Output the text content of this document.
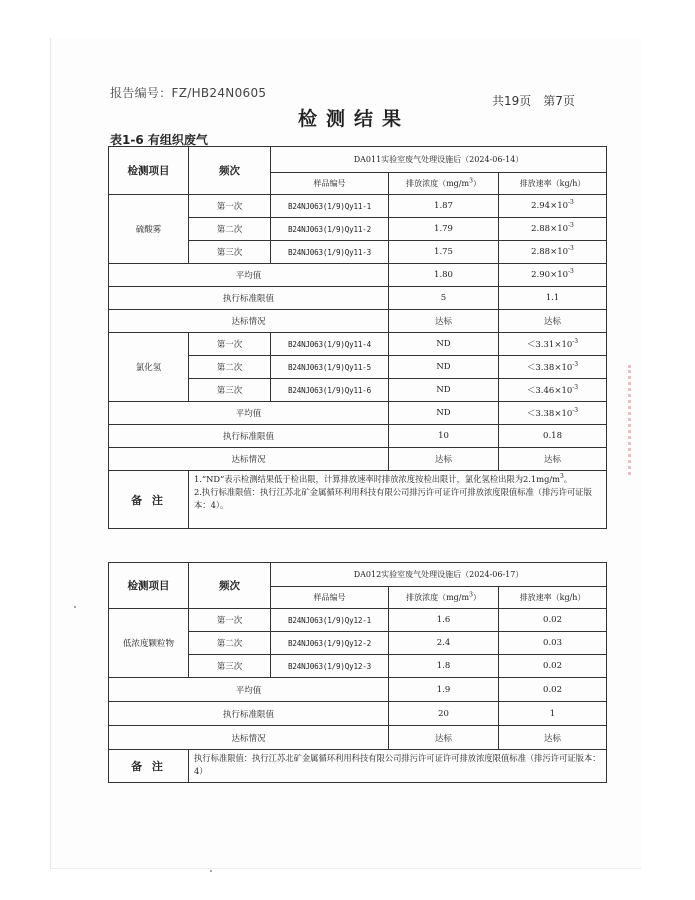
报告编号：FZ/HB24N0605
共19页　第7页
检测结果
表1-6 有组织废气
检测项目	频次	DA011实验室废气处理设施后（2024-06-14）		
		样品编号	排放浓度$(mg/m^3)$	排放速率（kg/h）
硫酸雾	第一次	B24NJ063(1/9)Qy11-1	1.87	$2.94\times 10^{-3}$
	第二次	B24NJ063(1/9)Qy11-2	1.79	$2.88\times 10^{-3}$
	第三次	B24NJ063(1/9)Qy11-3	1.75	$2.88\times 10^{-3}$
平均值			1.80	$2.90\times 10^{-3}$
执行标准限值			5	1.1
达标情况			达标	达标
氯化氢	第一次	B24NJ063(1/9)Qy11-4	ND	$<3.31\times 10^{-3}$
	第二次	B24NJ063(1/9)Qy11-5	ND	$<3.38\times 10^{-3}$
	第三次	B24NJ063(1/9)Qy11-6	ND	$<3.46\times 10^{-3}$
平均值			ND	$<3.38\times 10^{-3}$
执行标准限值			10	0.18
达标情况			达标	达标
备 注	1.“ND”表示检测结果低于检出限，计算排放速率时排放浓度按检出限计，氯化氢检出限为$2.1mg/m^3$。
2.执行标准限值：执行江苏北矿金属循环利用科技有限公司排污许可证许可排放浓度限值标准（排污许可证版本：4）。			
检测项目	频次	DA012实验室废气处理设施后（2024-06-17）		
		样品编号	排放浓度$(mg/m^3)$	排放速率（kg/h）
低浓度颗粒物	第一次	B24NJ063(1/9)Qy12-1	1.6	0.02
	第二次	B24NJ063(1/9)Qy12-2	2.4	0.03
	第三次	B24NJ063(1/9)Qy12-3	1.8	0.02
平均值			1.9	0.02
执行标准限值			20	1
达标情况			达标	达标
备 注	执行标准限值：执行江苏北矿金属循环利用科技有限公司排污许可证许可排放浓度限值标准（排污许可证版本：4）			
